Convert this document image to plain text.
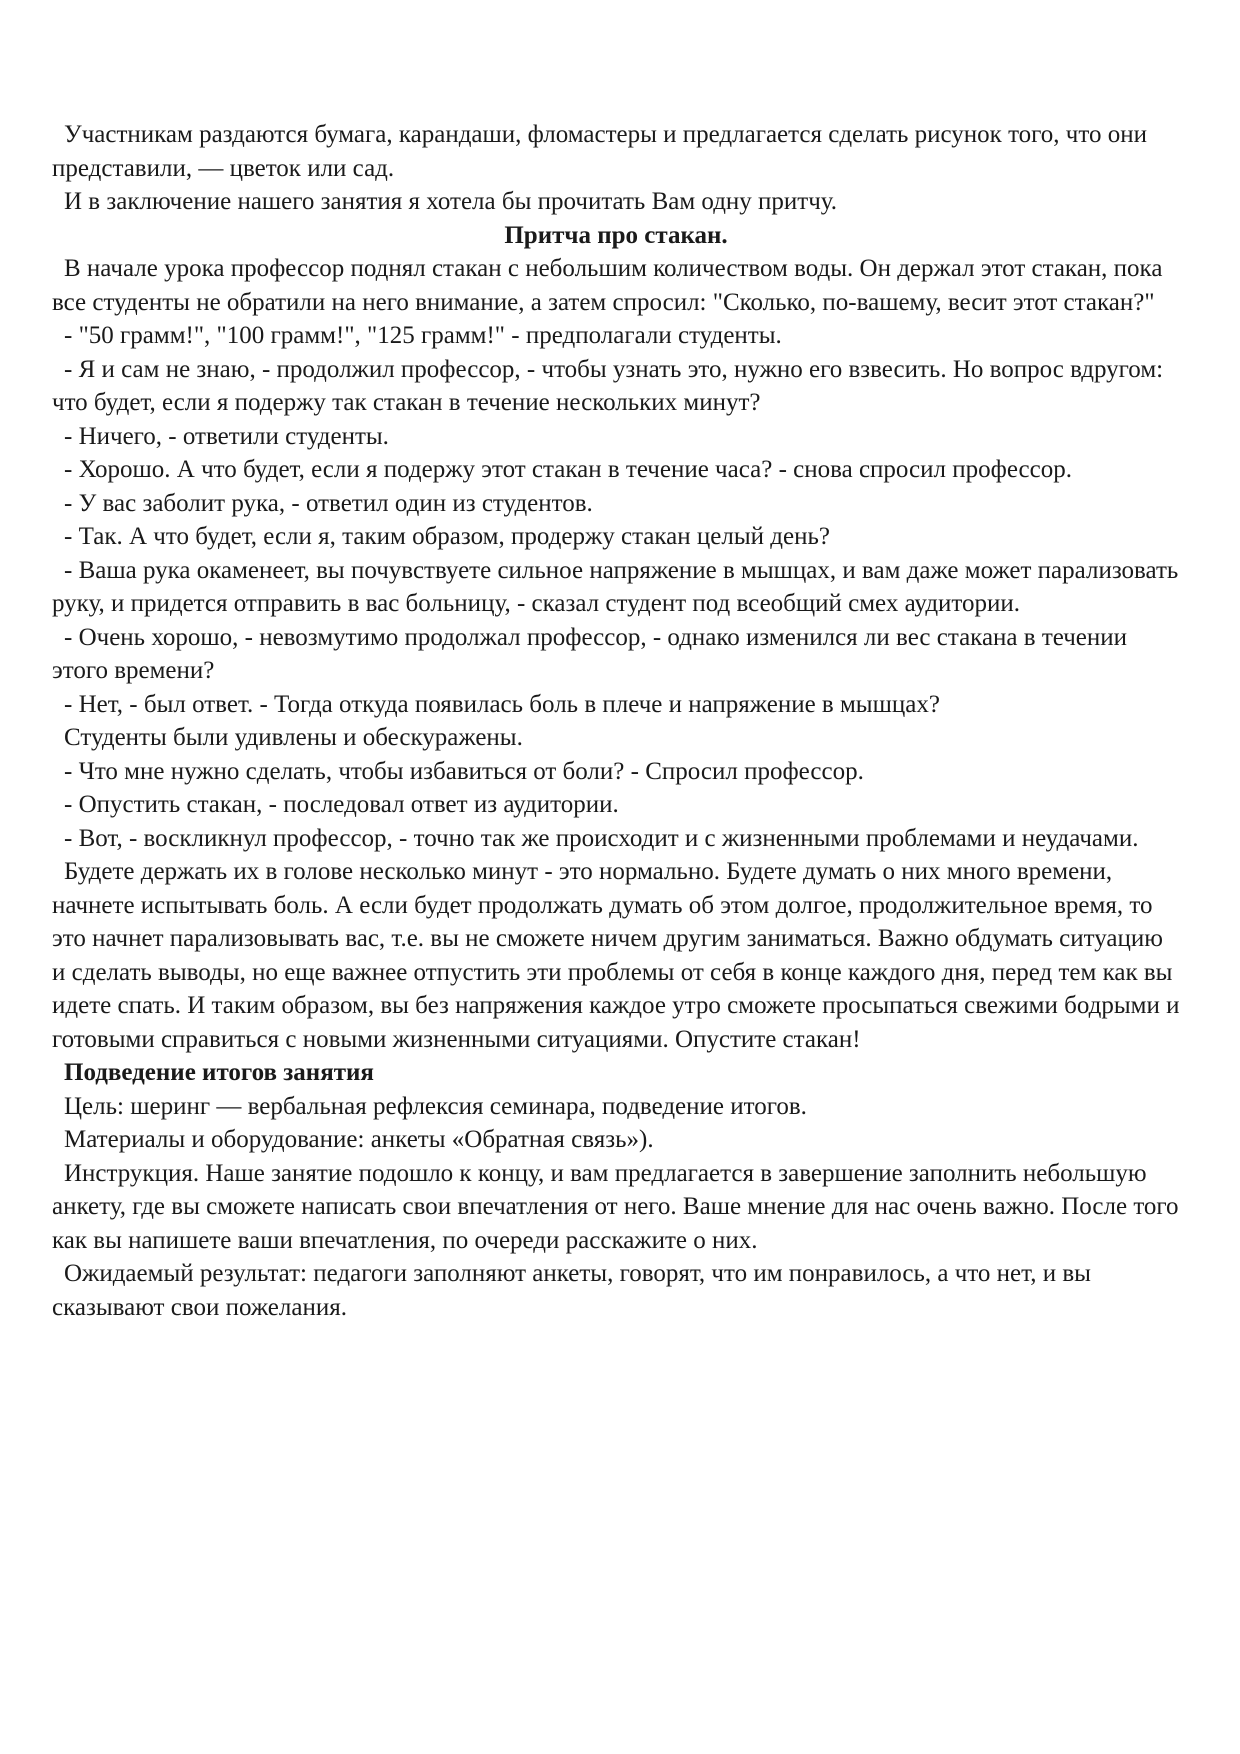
Участникам раздаются бумага, карандаши, фломастеры и предлагается сделать рисунок того, что они представили, — цветок или сад.

И в заключение нашего занятия я хотела бы прочитать Вам одну притчу.

Притча про стакан.

В начале урока профессор поднял стакан с небольшим количеством воды. Он держал этот стакан, пока все студенты не обратили на него внимание, а затем спросил: "Сколько, по-вашему, весит этот стакан?"

- "50 грамм!", "100 грамм!", "125 грамм!" - предполагали студенты.

- Я и сам не знаю, - продолжил профессор, - чтобы узнать это, нужно его взвесить. Но вопрос вдругом: что будет, если я подержу так стакан в течение нескольких минут?

- Ничего, - ответили студенты.

- Хорошо. А что будет, если я подержу этот стакан в течение часа? - снова спросил профессор.

- У вас заболит рука, - ответил один из студентов.

- Так. А что будет, если я, таким образом, продержу стакан целый день?

- Ваша рука окаменеет, вы почувствуете сильное напряжение в мышцах, и вам даже может парализовать руку, и придется отправить в вас больницу, - сказал студент под всеобщий смех аудитории.

- Очень хорошо, - невозмутимо продолжал профессор, - однако изменился ли вес стакана в течении этого времени?

- Нет, - был ответ. - Тогда откуда появилась боль в плече и напряжение в мышцах?

Студенты были удивлены и обескуражены.

- Что мне нужно сделать, чтобы избавиться от боли? - Спросил профессор.

- Опустить стакан, - последовал ответ из аудитории.

- Вот, - воскликнул профессор, - точно так же происходит и с жизненными проблемами и неудачами.

Будете держать их в голове несколько минут - это нормально. Будете думать о них много времени, начнете испытывать боль. А если будет продолжать думать об этом долгое, продолжительное время, то это начнет парализовывать вас, т.е. вы не сможете ничем другим заниматься. Важно обдумать ситуацию и сделать выводы, но еще важнее отпустить эти проблемы от себя в конце каждого дня, перед тем как вы идете спать. И таким образом, вы без напряжения каждое утро сможете просыпаться свежими бодрыми и готовыми справиться с новыми жизненными ситуациями. Опустите стакан!

Подведение итогов занятия

Цель: шеринг — вербальная рефлексия семинара, подведение итогов.

Материалы и оборудование: анкеты «Обратная связь»).

Инструкция. Наше занятие подошло к концу, и вам предлагается в завершение заполнить небольшую анкету, где вы сможете написать свои впечатления от него. Ваше мнение для нас очень важно. После того как вы напишете ваши впечатления, по очереди расскажите о них.

Ожидаемый результат: педагоги заполняют анкеты, говорят, что им понравилось, а что нет, и вы сказывают свои пожелания.
